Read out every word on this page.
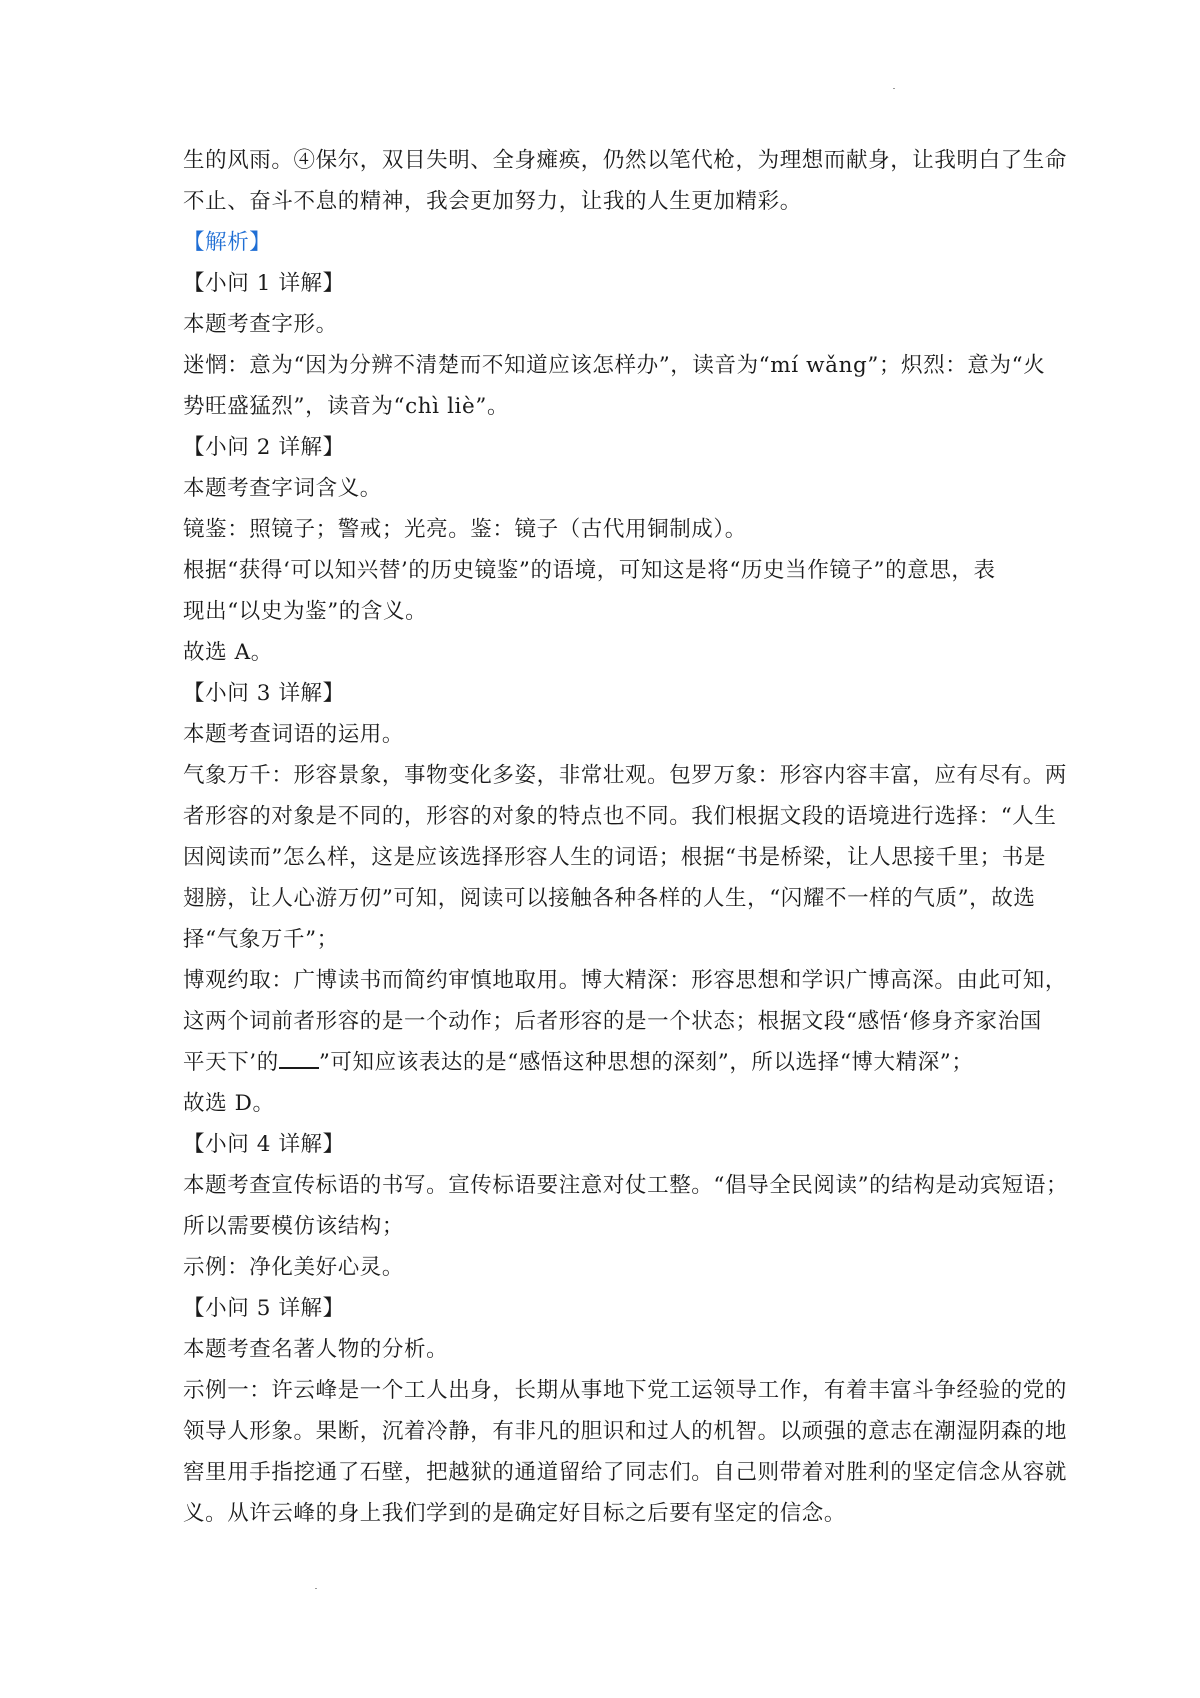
生的风雨。④保尔，双目失明、全身瘫痪，仍然以笔代枪，为理想而献身，让我明白了生命
不止、奋斗不息的精神，我会更加努力，让我的人生更加精彩。
【解析】
【小问 1 详解】
本题考查字形。
迷惘：意为“因为分辨不清楚而不知道应该怎样办”，读音为“mí wǎng”；炽烈：意为“火
势旺盛猛烈”，读音为“chì liè”。
【小问 2 详解】
本题考查字词含义。
镜鉴：照镜子；警戒；光亮。鉴：镜子（古代用铜制成）。
根据“获得‘可以知兴替’的历史镜鉴”的语境，可知这是将“历史当作镜子”的意思，表
现出“以史为鉴”的含义。
故选 A。
【小问 3 详解】
本题考查词语的运用。
气象万千：形容景象，事物变化多姿，非常壮观。包罗万象：形容内容丰富，应有尽有。两
者形容的对象是不同的，形容的对象的特点也不同。我们根据文段的语境进行选择：“人生
因阅读而”怎么样，这是应该选择形容人生的词语；根据“书是桥梁，让人思接千里；书是
翅膀，让人心游万仞”可知，阅读可以接触各种各样的人生，“闪耀不一样的气质”，故选
择“气象万千”；
博观约取：广博读书而简约审慎地取用。博大精深：形容思想和学识广博高深。由此可知，
这两个词前者形容的是一个动作；后者形容的是一个状态；根据文段“感悟‘修身齐家治国
平天下’的 ”可知应该表达的是“感悟这种思想的深刻”，所以选择“博大精深”；
故选 D。
【小问 4 详解】
本题考查宣传标语的书写。宣传标语要注意对仗工整。“倡导全民阅读”的结构是动宾短语；
所以需要模仿该结构；
示例：净化美好心灵。
【小问 5 详解】
本题考查名著人物的分析。
示例一：许云峰是一个工人出身，长期从事地下党工运领导工作，有着丰富斗争经验的党的
领导人形象。果断，沉着冷静，有非凡的胆识和过人的机智。以顽强的意志在潮湿阴森的地
窖里用手指挖通了石壁，把越狱的通道留给了同志们。自己则带着对胜利的坚定信念从容就
义。从许云峰的身上我们学到的是确定好目标之后要有坚定的信念。
